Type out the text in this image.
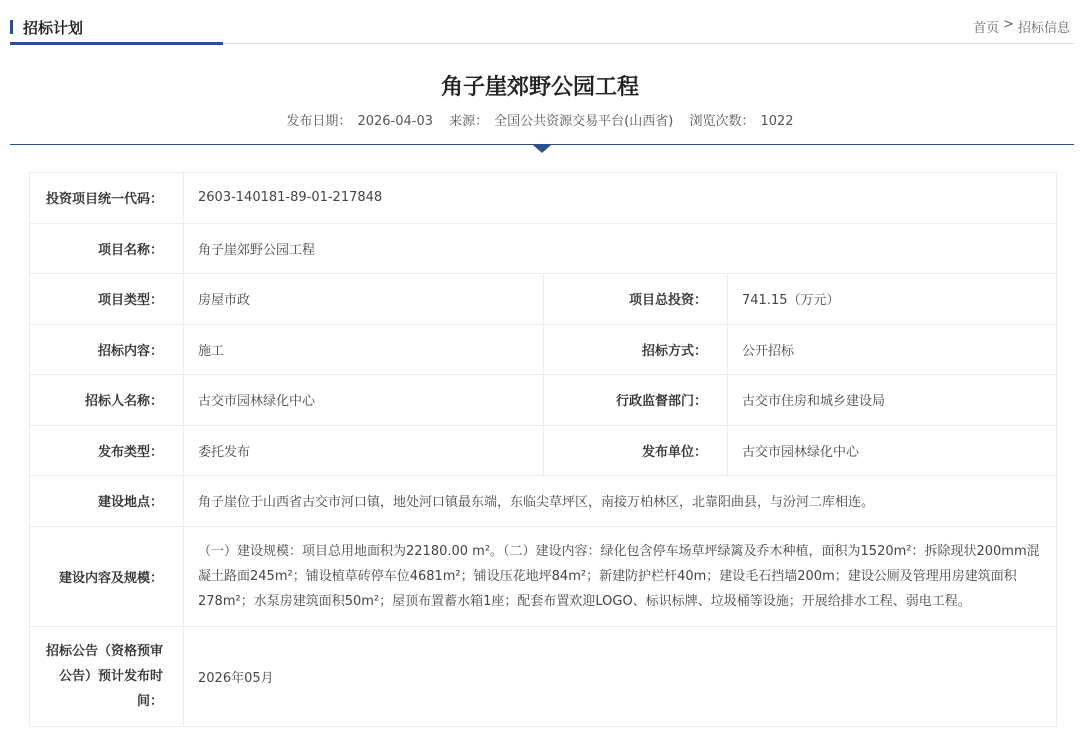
招标计划	首页 > 招标信息
角子崖郊野公园工程
发布日期： 2026-04-03 来源： 全国公共资源交易平台(山西省) 浏览次数： 1022
投资项目统一代码：	2603-140181-89-01-217848		
项目名称：	角子崖郊野公园工程		
项目类型：	房屋市政	项目总投资：	741.15（万元）
招标内容：	施工	招标方式：	公开招标
招标人名称：	古交市园林绿化中心	行政监督部门：	古交市住房和城乡建设局
发布类型：	委托发布	发布单位：	古交市园林绿化中心
建设地点：	角子崖位于山西省古交市河口镇，地处河口镇最东端，东临尖草坪区，南接万柏林区，北靠阳曲县，与汾河二库相连。		
建设内容及规模：	（一）建设规模：项目总用地面积为22180.00 m²。（二）建设内容：绿化包含停车场草坪绿篱及乔木种植，面积为1520m²：拆除现状200mm混凝土路面245m²；铺设植草砖停车位4681m²；铺设压花地坪84m²；新建防护栏杆40m；建设毛石挡墙200m；建设公厕及管理用房建筑面积278m²；水泵房建筑面积50m²；屋顶布置蓄水箱1座；配套布置欢迎LOGO、标识标牌、垃圾桶等设施；开展给排水工程、弱电工程。		
招标公告（资格预审公告）预计发布时间：	2026年05月		
